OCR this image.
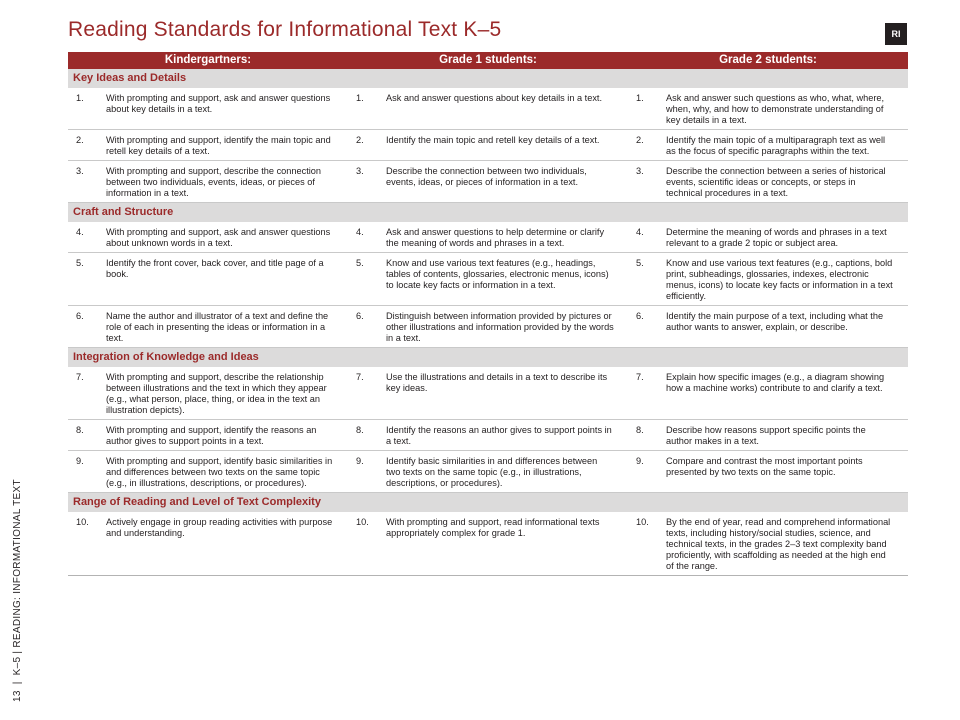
Reading Standards for Informational Text K–5	RI
13|K–5 | READING: INFORMATIONAL TEXT
Kindergartners:		Grade 1 students:		Grade 2 students:	
Key Ideas and Details					
1.	With prompting and support, ask and answer questions about key details in a text.	1.	Ask and answer questions about key details in a text.	1.	Ask and answer such questions as who, what, where, when, why, and how to demonstrate understanding of key details in a text.
2.	With prompting and support, identify the main topic and retell key details of a text.	2.	Identify the main topic and retell key details of a text.	2.	Identify the main topic of a multiparagraph text as well as the focus of specific paragraphs within the text.
3.	With prompting and support, describe the connection between two individuals, events, ideas, or pieces of information in a text.	3.	Describe the connection between two individuals, events, ideas, or pieces of information in a text.	3.	Describe the connection between a series of historical events, scientific ideas or concepts, or steps in technical procedures in a text.
Craft and Structure					
4.	With prompting and support, ask and answer questions about unknown words in a text.	4.	Ask and answer questions to help determine or clarify the meaning of words and phrases in a text.	4.	Determine the meaning of words and phrases in a text relevant to a grade 2 topic or subject area.
5.	Identify the front cover, back cover, and title page of a book.	5.	Know and use various text features (e.g., headings, tables of contents, glossaries, electronic menus, icons) to locate key facts or information in a text.	5.	Know and use various text features (e.g., captions, bold print, subheadings, glossaries, indexes, electronic menus, icons) to locate key facts or information in a text efficiently.
6.	Name the author and illustrator of a text and define the role of each in presenting the ideas or information in a text.	6.	Distinguish between information provided by pictures or other illustrations and information provided by the words in a text.	6.	Identify the main purpose of a text, including what the author wants to answer, explain, or describe.
Integration of Knowledge and Ideas					
7.	With prompting and support, describe the relationship between illustrations and the text in which they appear (e.g., what person, place, thing, or idea in the text an illustration depicts).	7.	Use the illustrations and details in a text to describe its key ideas.	7.	Explain how specific images (e.g., a diagram showing how a machine works) contribute to and clarify a text.
8.	With prompting and support, identify the reasons an author gives to support points in a text.	8.	Identify the reasons an author gives to support points in a text.	8.	Describe how reasons support specific points the author makes in a text.
9.	With prompting and support, identify basic similarities in and differences between two texts on the same topic (e.g., in illustrations, descriptions, or procedures).	9.	Identify basic similarities in and differences between two texts on the same topic (e.g., in illustrations, descriptions, or procedures).	9.	Compare and contrast the most important points presented by two texts on the same topic.
Range of Reading and Level of Text Complexity					
10.	Actively engage in group reading activities with purpose and understanding.	10.	With prompting and support, read informational texts appropriately complex for grade 1.	10.	By the end of year, read and comprehend informational texts, including history/social studies, science, and technical texts, in the grades 2–3 text complexity band proficiently, with scaffolding as needed at the high end of the range.
